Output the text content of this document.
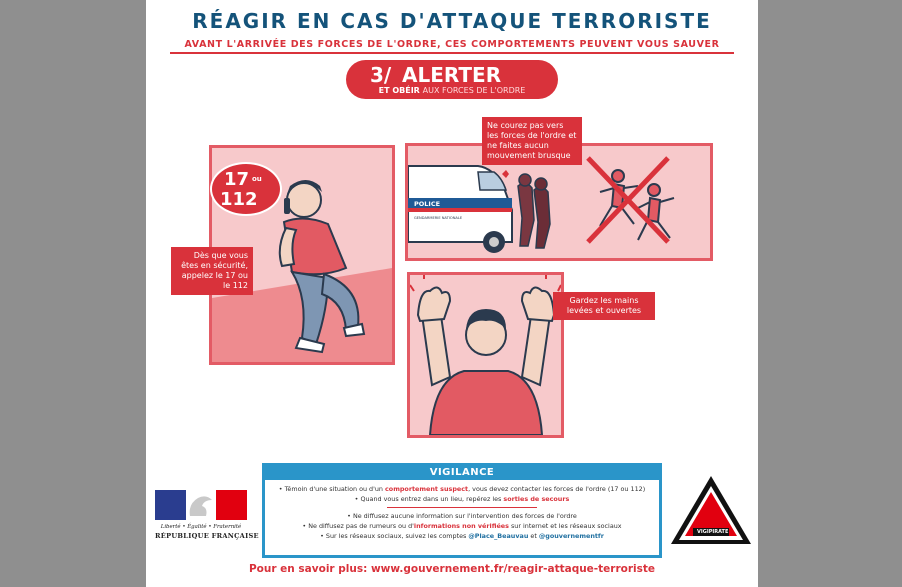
RÉAGIR EN CAS D'ATTAQUE TERRORISTE
AVANT L'ARRIVÉE DES FORCES DE L'ORDRE, CES COMPORTEMENTS PEUVENT VOUS SAUVER
3/ ALERTER
ET OBÉIR AUX FORCES DE L'ORDRE
17 ou
112
Dès que vous êtes en sécurité, appelez le 17 ou le 112
POLICE
GENDARMERIE NATIONALE
Ne courez pas vers les forces de l'ordre et ne faites aucun mouvement brusque
Gardez les mains levées et ouvertes
VIGILANCE
• Témoin d'une situation ou d'un comportement suspect, vous devez contacter les forces de l'ordre (17 ou 112)
• Quand vous entrez dans un lieu, repérez les sorties de secours
• Ne diffusez aucune information sur l'intervention des forces de l'ordre
• Ne diffusez pas de rumeurs ou d'informations non vérifiées sur internet et les réseaux sociaux
• Sur les réseaux sociaux, suivez les comptes @Place_Beauvau et @gouvernementfr
Liberté • Égalité • Fraternité
RÉPUBLIQUE FRANÇAISE	VIGIPIRATE
Pour en savoir plus: www.gouvernement.fr/reagir-attaque-terroriste
